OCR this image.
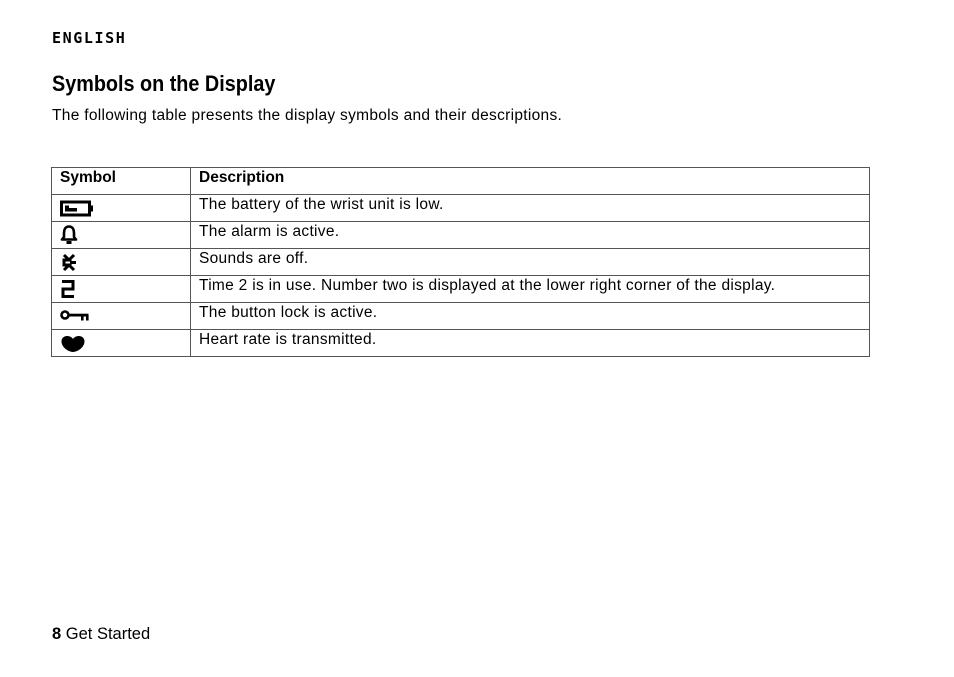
ENGLISH
Symbols on the Display
The following table presents the display symbols and their descriptions.
Symbol	Description

	The battery of the wrist unit is low.

	The alarm is active.

	Sounds are off.

	Time 2 is in use. Number two is displayed at the lower right corner of the display.

	The button lock is active.

	Heart rate is transmitted.
8 Get Started
